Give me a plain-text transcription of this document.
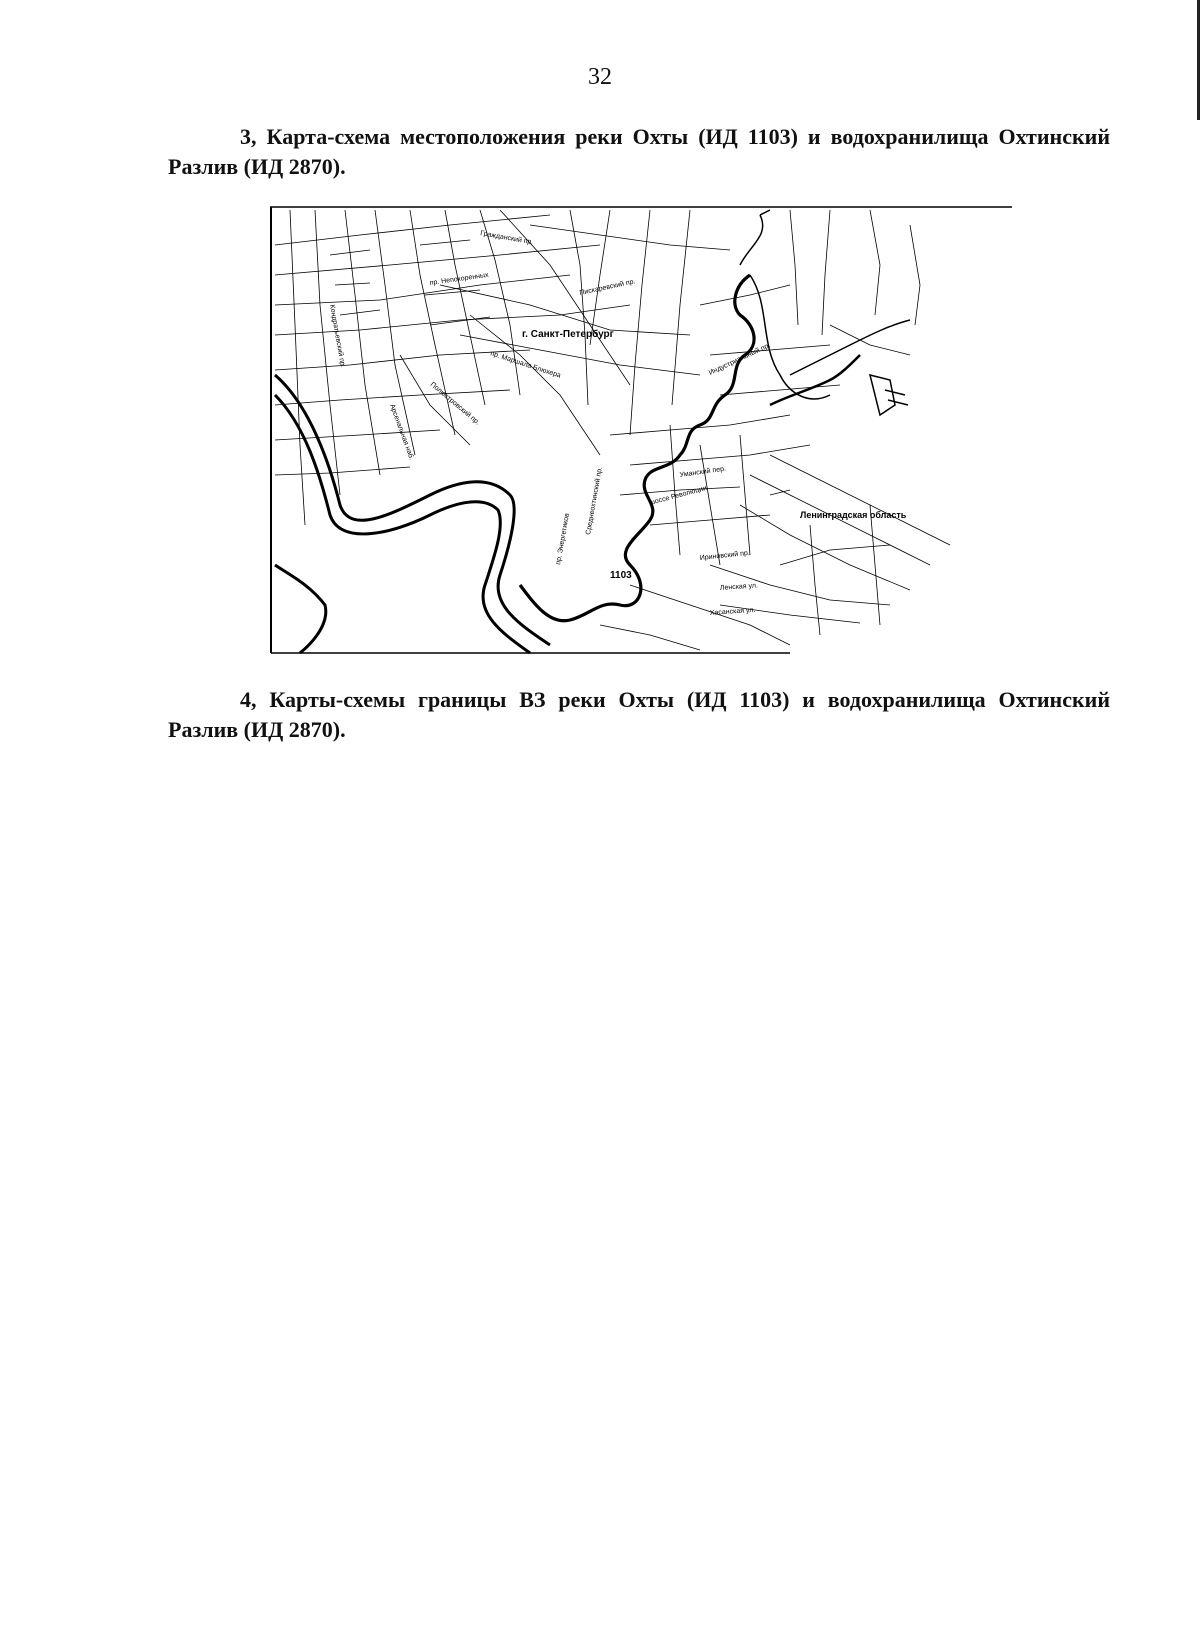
32

3, Карта-схема местоположения реки Охты (ИД 1103) и водохранилища Охтинский Разлив (ИД 2870).

Гражданский пр.
пр. Непокоренных
Кондратьевский пр.
Пискаревский пр.
пр. Маршала Блюхера
Полюстровский пр.
Арсенальная наб.
пр. Энергетиков
Среднеохтинский пр.	шоссе Революции
Индустриальный пр.
Уманский пер.
Ириновский пр.
Ленская ул.
Хасанская ул.
г. Санкт-Петербург
Ленинградская область
1103

4, Карты-схемы границы ВЗ реки Охты (ИД 1103) и водохранилища Охтинский Разлив (ИД 2870).
